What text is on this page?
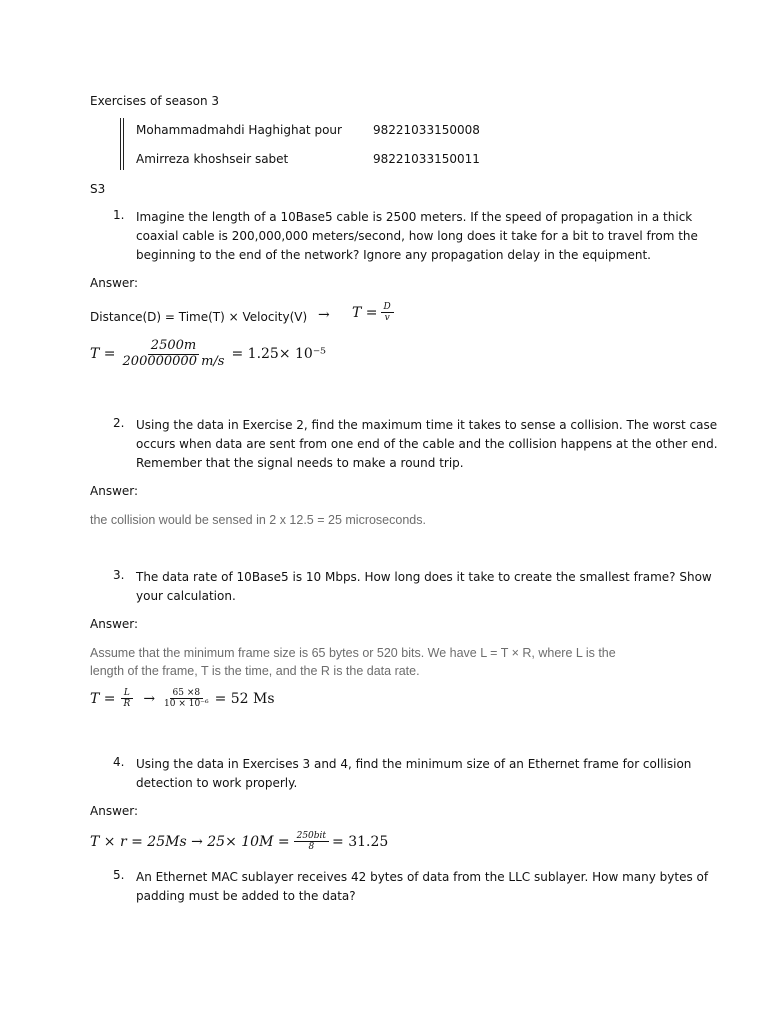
Exercises of season 3
Mohammadmahdi Haghighat pour	98221033150008
Amirreza khoshseir sabet	98221033150011
S3
1. Imagine the length of a 10Base5 cable is 2500 meters. If the speed of propagation in a thick
coaxial cable is 200,000,000 meters/second, how long does it take for a bit to travel from the
beginning to the end of the network? Ignore any propagation delay in the equipment.
Answer:
Distance(D) = Time(T) × Velocity(V) → $T = \frac{D}{v}$
$T = \frac{2500m}{200000000 m/s} = 1.25\times 10^{-5}$
2. Using the data in Exercise 2, find the maximum time it takes to sense a collision. The worst case
occurs when data are sent from one end of the cable and the collision happens at the other end.
Remember that the signal needs to make a round trip.
Answer:
the collision would be sensed in 2 x 12.5 = 25 microseconds.
3. The data rate of 10Base5 is 10 Mbps. How long does it take to create the smallest frame? Show
your calculation.
Answer:
Assume that the minimum frame size is 65 bytes or 520 bits. We have L = T × R, where L is the
length of the frame, T is the time, and the R is the data rate.
$T = \frac{L}{R} \to \frac{65 \times 8}{\text{10 × 10⁻⁶}} = 52$ Ms
4. Using the data in Exercises 3 and 4, find the minimum size of an Ethernet frame for collision
detection to work properly.
Answer:
$T \times r = 25Ms \to 25\times 10M = \frac{\text{250bit}}{8} = 31.25$
5. An Ethernet MAC sublayer receives 42 bytes of data from the LLC sublayer. How many bytes of
padding must be added to the data?
